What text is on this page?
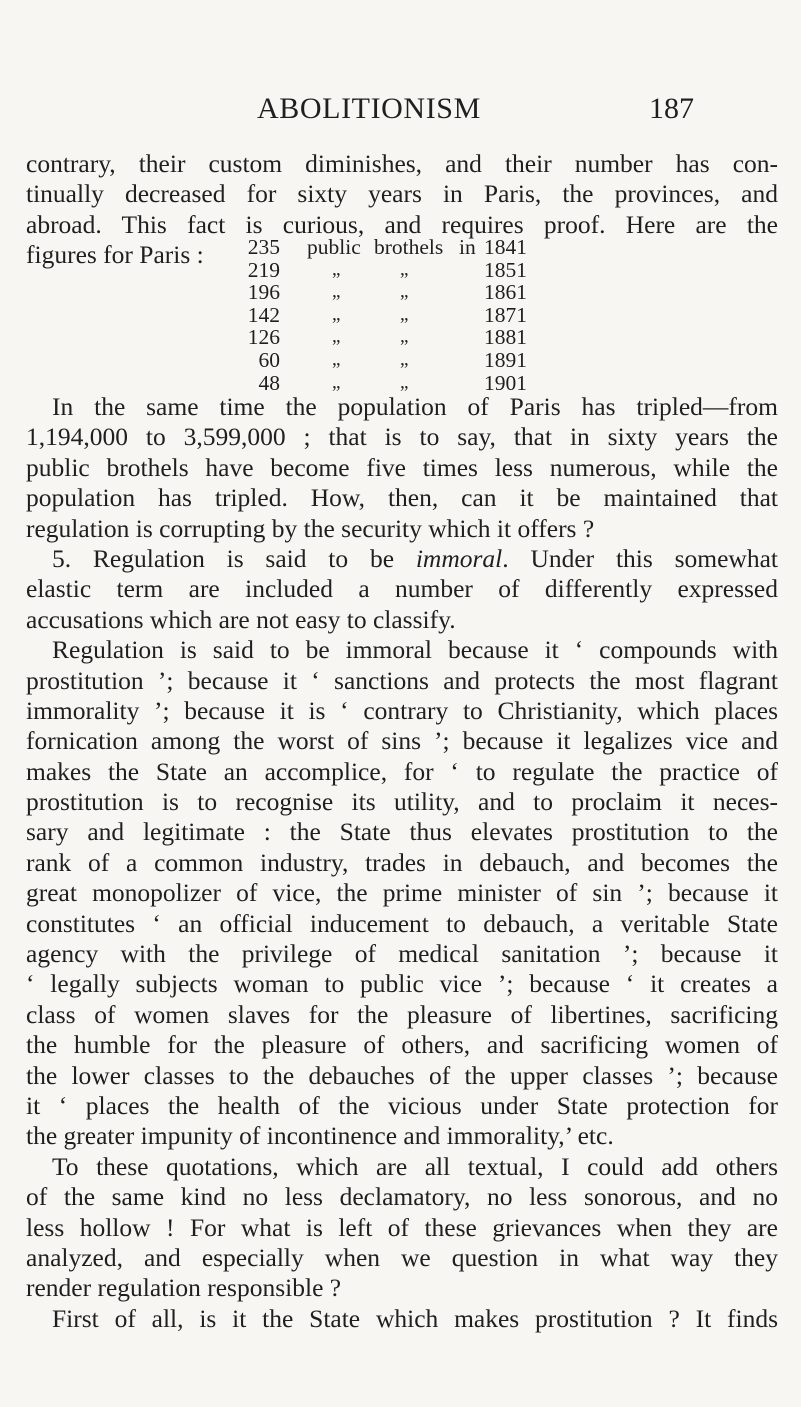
ABOLITIONISM	187
contrary, their custom diminishes, and their number has con-
tinually decreased for sixty years in Paris, the provinces, and
abroad. This fact is curious, and requires proof. Here are the
figures for Paris :	235 public brothels in 1841
219	„	„	1851
196	„	„	1861
142	„	„	1871
126	„	„	1881
60	„	„	1891
48	„	„	1901
In the same time the population of Paris has tripled—from
1,194,000 to 3,599,000 ; that is to say, that in sixty years the
public brothels have become five times less numerous, while the
population has tripled. How, then, can it be maintained that
regulation is corrupting by the security which it offers ?
5. Regulation is said to be immoral. Under this somewhat
elastic term are included a number of differently expressed
accusations which are not easy to classify.
Regulation is said to be immoral because it ‘ compounds with
prostitution ’; because it ‘ sanctions and protects the most flagrant
immorality ’; because it is ‘ contrary to Christianity, which places
fornication among the worst of sins ’; because it legalizes vice and
makes the State an accomplice, for ‘ to regulate the practice of
prostitution is to recognise its utility, and to proclaim it neces-
sary and legitimate : the State thus elevates prostitution to the
rank of a common industry, trades in debauch, and becomes the
great monopolizer of vice, the prime minister of sin ’; because it
constitutes ‘ an official inducement to debauch, a veritable State
agency with the privilege of medical sanitation ’; because it
‘ legally subjects woman to public vice ’; because ‘ it creates a
class of women slaves for the pleasure of libertines, sacrificing
the humble for the pleasure of others, and sacrificing women of
the lower classes to the debauches of the upper classes ’; because
it ‘ places the health of the vicious under State protection for
the greater impunity of incontinence and immorality,’ etc.
To these quotations, which are all textual, I could add others
of the same kind no less declamatory, no less sonorous, and no
less hollow ! For what is left of these grievances when they are
analyzed, and especially when we question in what way they
render regulation responsible ?
First of all, is it the State which makes prostitution ? It finds
